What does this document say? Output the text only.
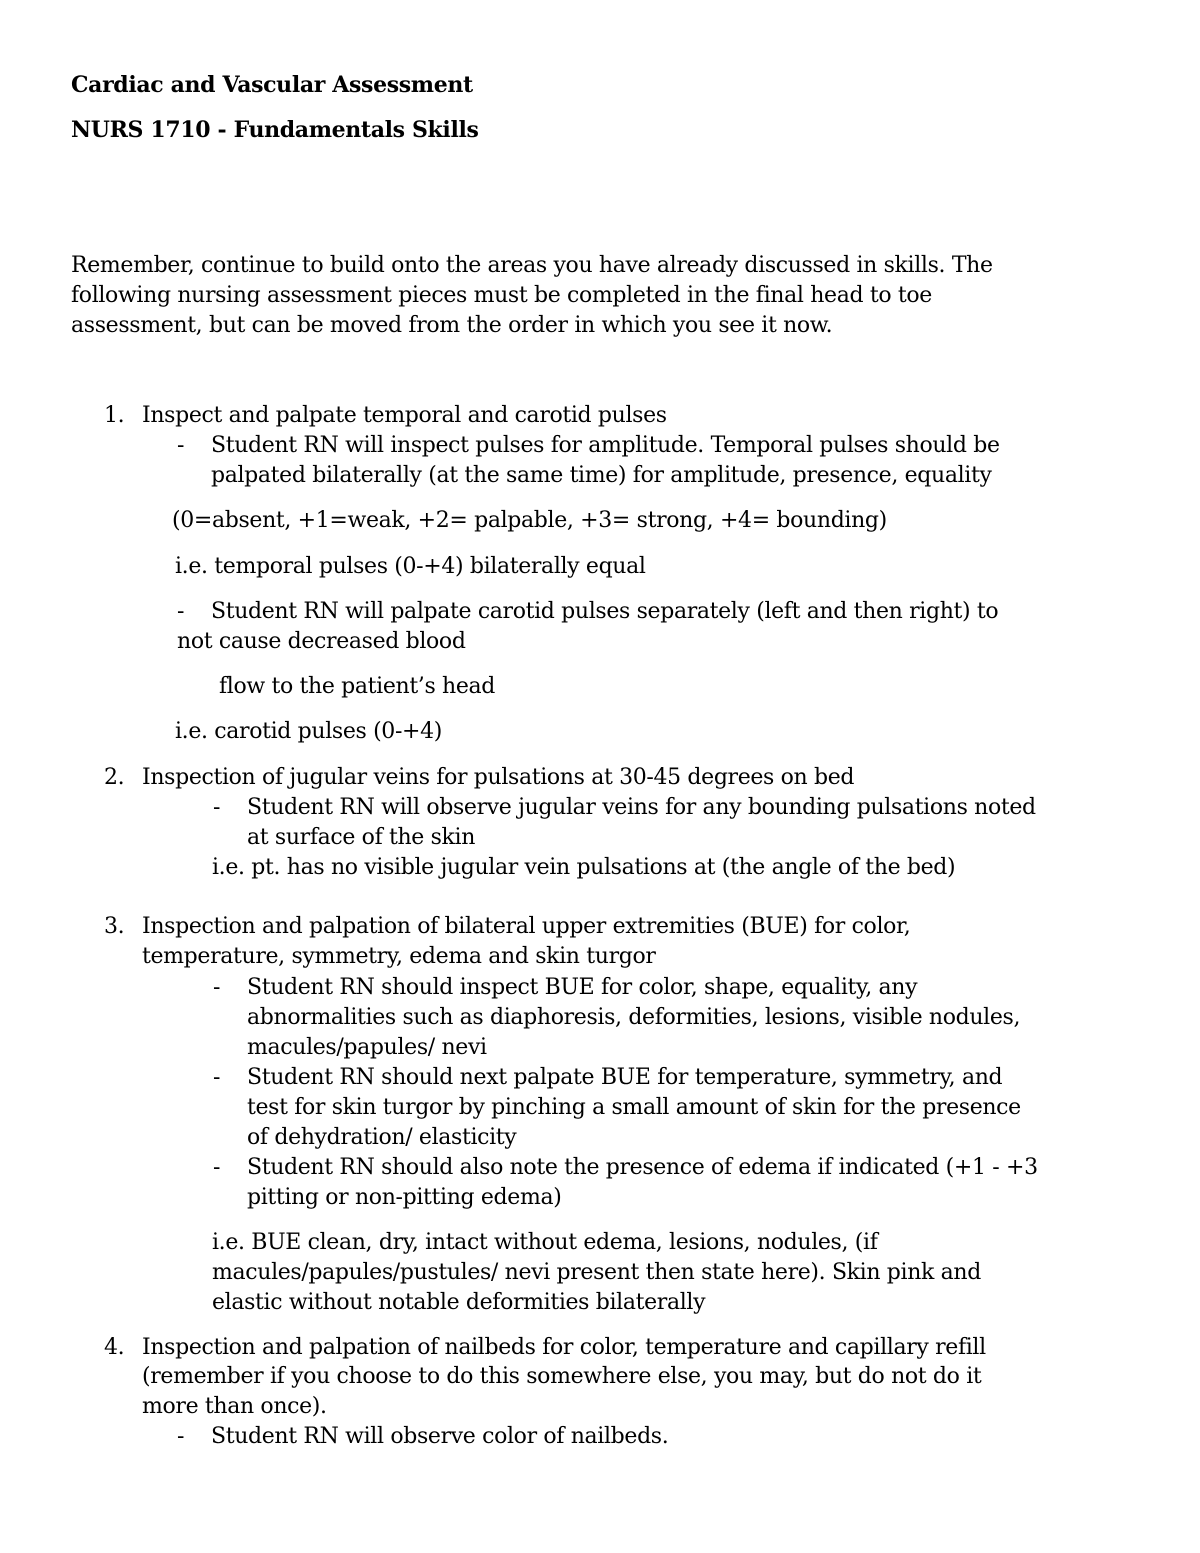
Cardiac and Vascular Assessment
NURS 1710 - Fundamentals Skills
Remember, continue to build onto the areas you have already discussed in skills. The
following nursing assessment pieces must be completed in the final head to toe
assessment, but can be moved from the order in which you see it now.
1. Inspect and palpate temporal and carotid pulses
- Student RN will inspect pulses for amplitude. Temporal pulses should be
palpated bilaterally (at the same time) for amplitude, presence, equality
(0=absent, +1=weak, +2= palpable, +3= strong, +4= bounding)
i.e. temporal pulses (0-+4) bilaterally equal
- Student RN will palpate carotid pulses separately (left and then right) to
not cause decreased blood
flow to the patient’s head
i.e. carotid pulses (0-+4)
2. Inspection of jugular veins for pulsations at 30-45 degrees on bed
- Student RN will observe jugular veins for any bounding pulsations noted
at surface of the skin
i.e. pt. has no visible jugular vein pulsations at (the angle of the bed)
3. Inspection and palpation of bilateral upper extremities (BUE) for color,
temperature, symmetry, edema and skin turgor
- Student RN should inspect BUE for color, shape, equality, any
abnormalities such as diaphoresis, deformities, lesions, visible nodules,
macules/papules/ nevi
- Student RN should next palpate BUE for temperature, symmetry, and
test for skin turgor by pinching a small amount of skin for the presence
of dehydration/ elasticity
- Student RN should also note the presence of edema if indicated (+1 - +3
pitting or non-pitting edema)
i.e. BUE clean, dry, intact without edema, lesions, nodules, (if
macules/papules/pustules/ nevi present then state here). Skin pink and
elastic without notable deformities bilaterally
4. Inspection and palpation of nailbeds for color, temperature and capillary refill
(remember if you choose to do this somewhere else, you may, but do not do it
more than once).
- Student RN will observe color of nailbeds.
